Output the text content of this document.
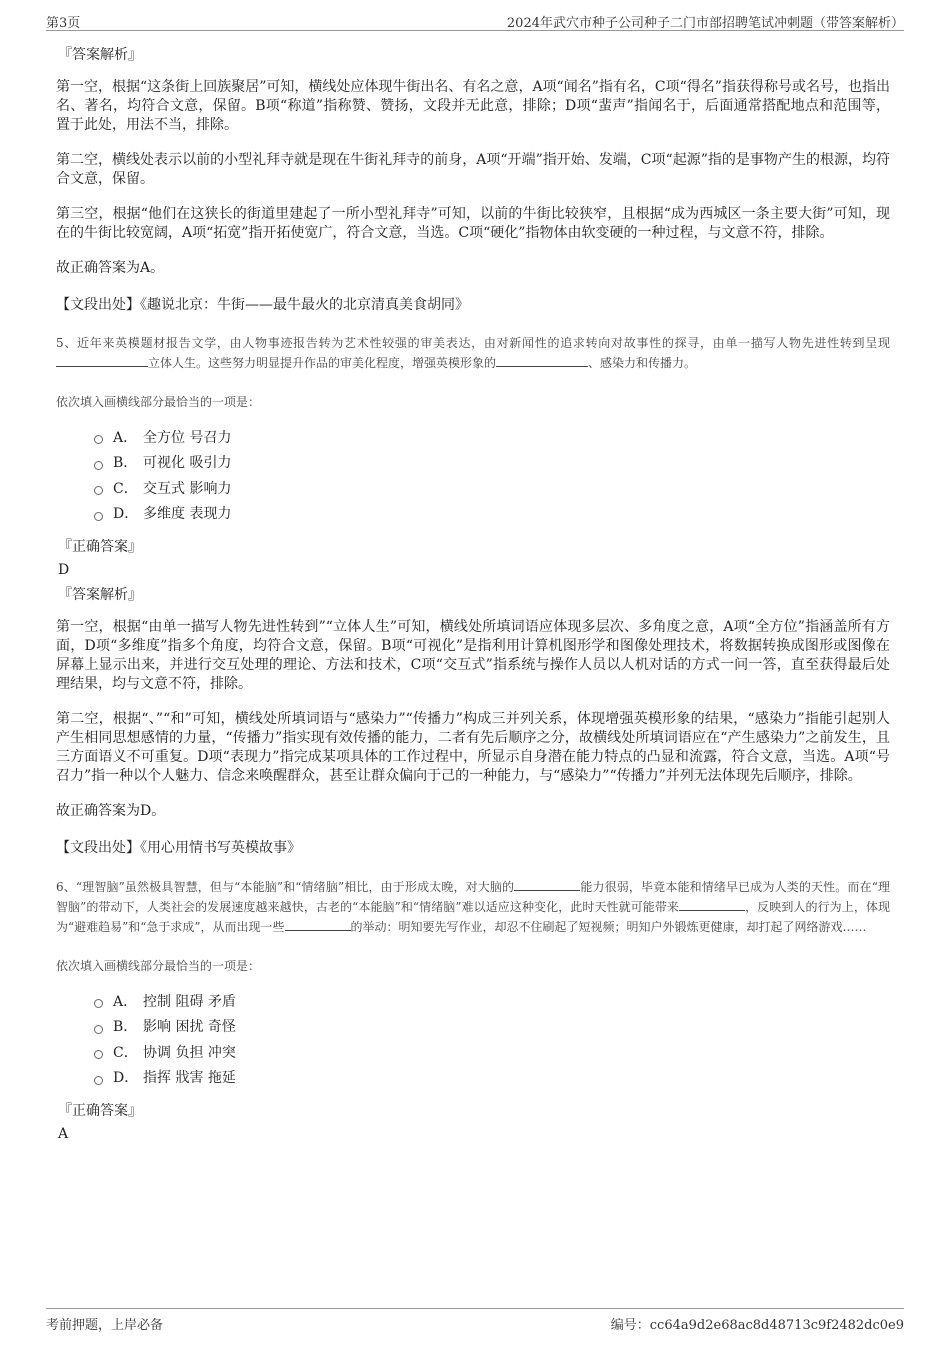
第3页	2024年武穴市种子公司种子二门市部招聘笔试冲刺题（带答案解析）
『答案解析』

第一空，根据“这条街上回族聚居”可知，横线处应体现牛街出名、有名之意，A项“闻名”指有名，C项“得名”指获得称号或名号，也指出名、著名，均符合文意，保留。B项“称道”指称赞、赞扬，文段并无此意，排除；D项“蜚声”指闻名于，后面通常搭配地点和范围等，置于此处，用法不当，排除。

第二空，横线处表示以前的小型礼拜寺就是现在牛街礼拜寺的前身，A项“开端”指开始、发端，C项“起源”指的是事物产生的根源，均符合文意，保留。

第三空，根据“他们在这狭长的街道里建起了一所小型礼拜寺”可知，以前的牛街比较狭窄，且根据“成为西城区一条主要大街”可知，现在的牛街比较宽阔，A项“拓宽”指开拓使宽广，符合文意，当选。C项“硬化”指物体由软变硬的一种过程，与文意不符，排除。

故正确答案为A。

【文段出处】《趣说北京：牛街——最牛最火的北京清真美食胡同》

5、近年来英模题材报告文学，由人物事迹报告转为艺术性较强的审美表达，由对新闻性的追求转向对故事性的探寻，由单一描写人物先进性转到呈现立体人生。这些努力明显提升作品的审美化程度，增强英模形象的	、感染力和传播力。
依次填入画横线部分最恰当的一项是：
A． 全方位 号召力
B． 可视化 吸引力
C． 交互式 影响力
D． 多维度 表现力
『正确答案』
D
『答案解析』

第一空，根据“由单一描写人物先进性转到”“立体人生”可知，横线处所填词语应体现多层次、多角度之意，A项“全方位”指涵盖所有方面，D项“多维度”指多个角度，均符合文意，保留。B项“可视化”是指利用计算机图形学和图像处理技术，将数据转换成图形或图像在屏幕上显示出来，并进行交互处理的理论、方法和技术，C项“交互式”指系统与操作人员以人机对话的方式一问一答，直至获得最后处理结果，均与文意不符，排除。

第二空，根据“、”“和”可知，横线处所填词语与“感染力”“传播力”构成三并列关系，体现增强英模形象的结果，“感染力”指能引起别人产生相同思想感情的力量，“传播力”指实现有效传播的能力，二者有先后顺序之分，故横线处所填词语应在“产生感染力”之前发生，且三方面语义不可重复。D项“表现力”指完成某项具体的工作过程中，所显示自身潜在能力特点的凸显和流露，符合文意，当选。A项“号召力”指一种以个人魅力、信念来唤醒群众，甚至让群众偏向于己的一种能力，与“感染力”“传播力”并列无法体现先后顺序，排除。

故正确答案为D。

【文段出处】《用心用情书写英模故事》

6、“理智脑”虽然极具智慧，但与“本能脑”和“情绪脑”相比，由于形成太晚，对大脑的	能力很弱，毕竟本能和情绪早已成为人类的天性。而在“理智脑”的带动下，人类社会的发展速度越来越快，古老的“本能脑”和“情绪脑”难以适应这种变化，此时天性就可能带来	，反映到人的行为上，体现为“避难趋易”和“急于求成”，从而出现一些	的举动：明知要先写作业，却忍不住刷起了短视频；明知户外锻炼更健康，却打起了网络游戏……
依次填入画横线部分最恰当的一项是：
A． 控制 阻碍 矛盾
B． 影响 困扰 奇怪
C． 协调 负担 冲突
D． 指挥 戕害 拖延
『正确答案』
A
考前押题，上岸必备	编号：cc64a9d2e68ac8d48713c9f2482dc0e9
